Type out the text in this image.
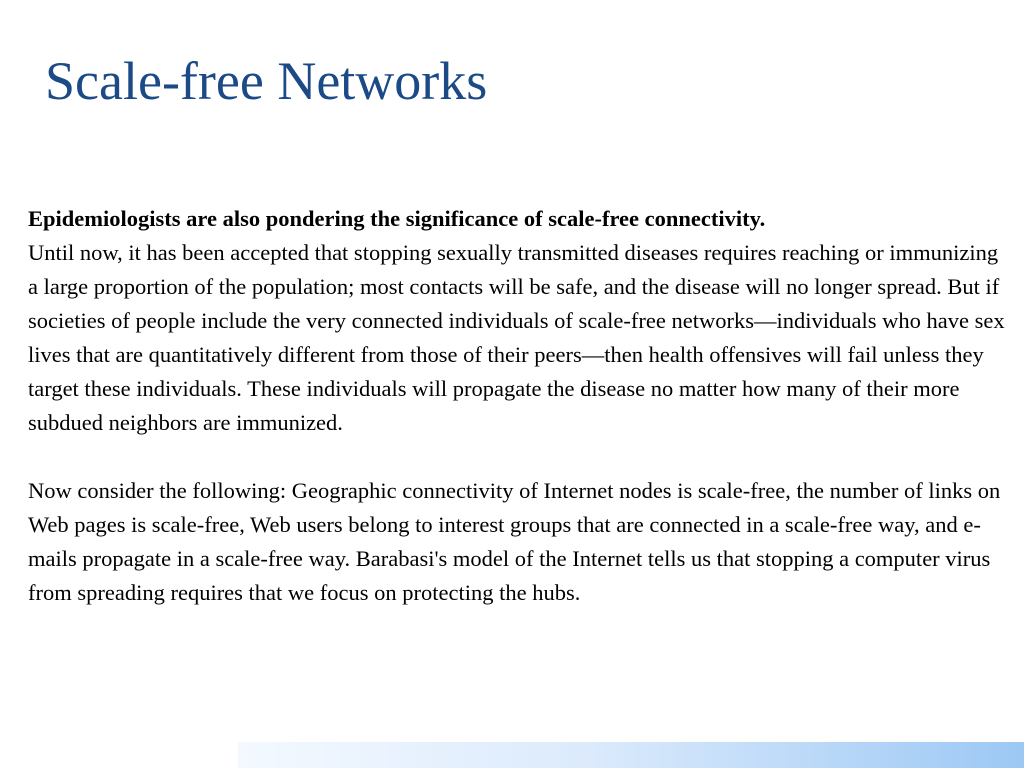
Scale-free Networks

Epidemiologists are also pondering the significance of scale-free connectivity.
Until now, it has been accepted that stopping sexually transmitted diseases requires reaching or immunizing a large proportion of the population; most contacts will be safe, and the disease will no longer spread. But if societies of people include the very connected individuals of scale-free networks—individuals who have sex lives that are quantitatively different from those of their peers—then health offensives will fail unless they target these individuals. These individuals will propagate the disease no matter how many of their more subdued neighbors are immunized.

Now consider the following: Geographic connectivity of Internet nodes is scale-free, the number of links on Web pages is scale-free, Web users belong to interest groups that are connected in a scale-free way, and e-mails propagate in a scale-free way. Barabasi's model of the Internet tells us that stopping a computer virus from spreading requires that we focus on protecting the hubs.
